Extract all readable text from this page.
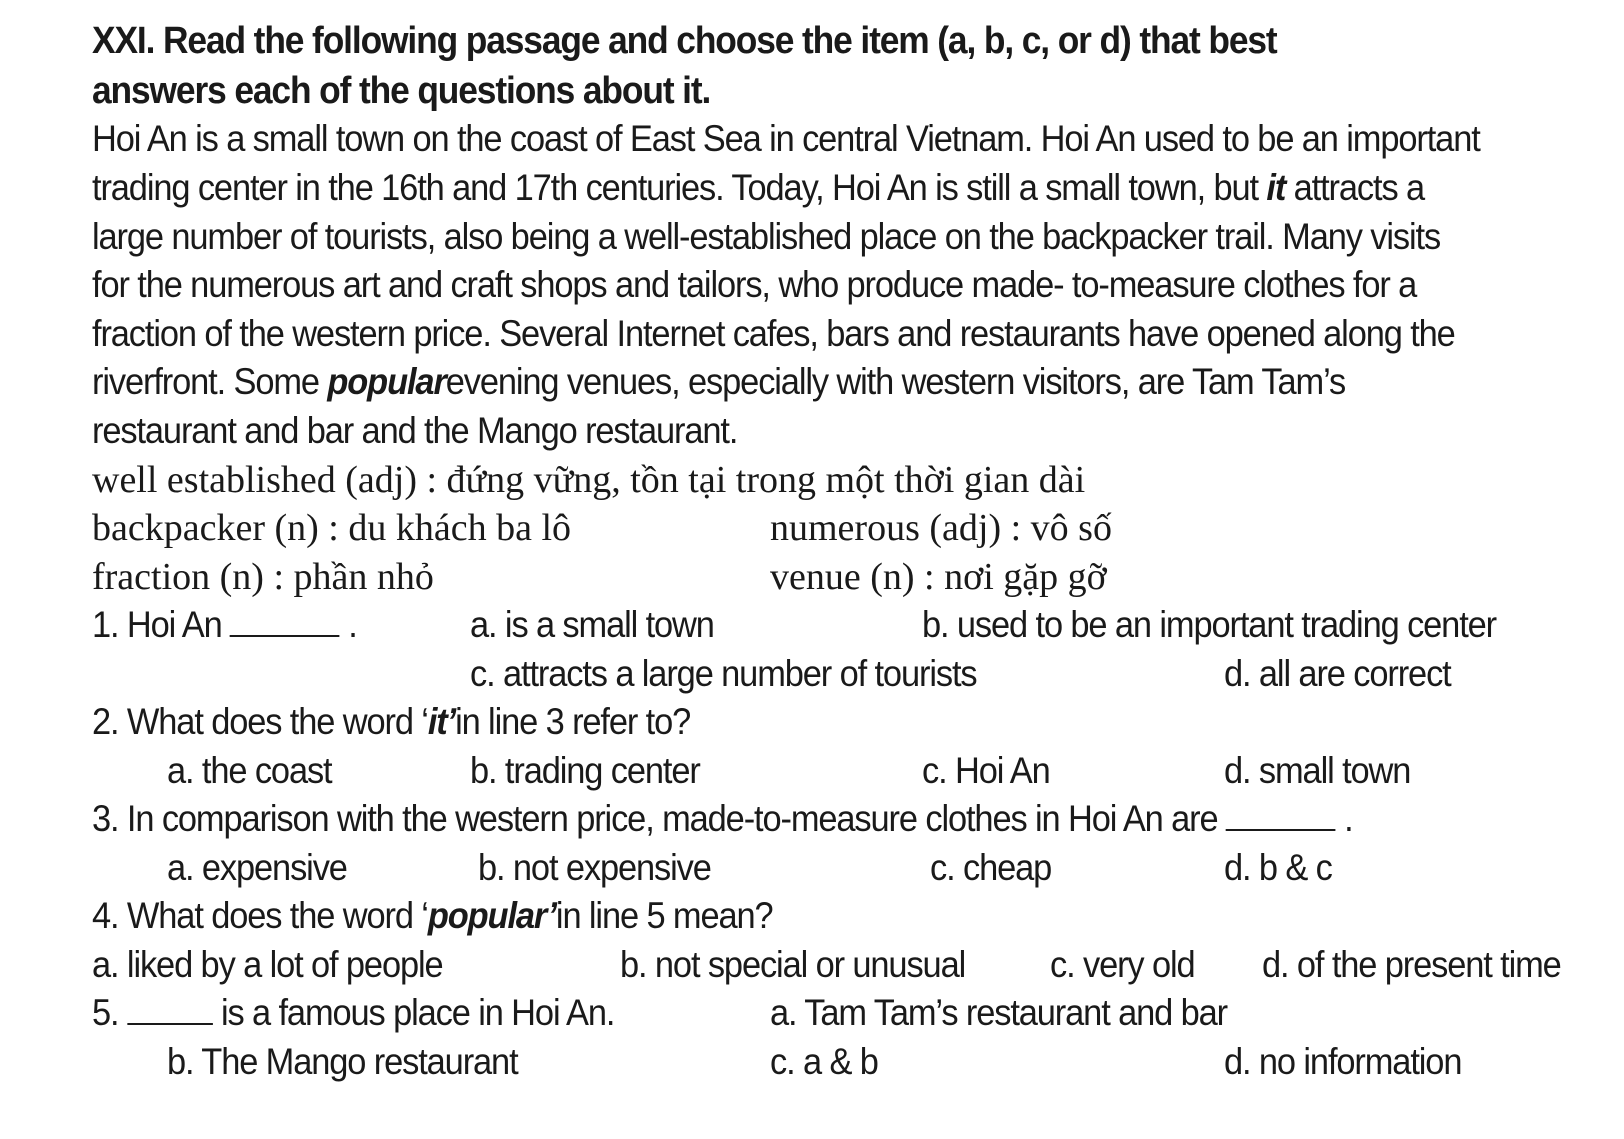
XXI. Read the following passage and choose the item (a, b, c, or d) that best
answers each of the questions about it.
Hoi An is a small town on the coast of East Sea in central Vietnam. Hoi An used to be an important
trading center in the 16th and 17th centuries. Today, Hoi An is still a small town, but it attracts a
large number of tourists, also being a well-established place on the backpacker trail. Many visits
for the numerous art and craft shops and tailors, who produce made- to-measure clothes for a
fraction of the western price. Several Internet cafes, bars and restaurants have opened along the
riverfront. Some popularevening venues, especially with western visitors, are Tam Tam’s
restaurant and bar and the Mango restaurant.
well established (adj) : đứng vững, tồn tại trong một thời gian dài
backpacker (n) : du khách ba lô	numerous (adj) : vô số
fraction (n) : phần nhỏ	venue (n) : nơi gặp gỡ
1. Hoi An	.	a. is a small town	b. used to be an important trading center
c. attracts a large number of tourists	d. all are correct
2. What does the word ‘it’in line 3 refer to?
a. the coast	b. trading center	c. Hoi An	d. small town
3. In comparison with the western price, made-to-measure clothes in Hoi An are	.
a. expensive	b. not expensive	c. cheap	d. b & c
4. What does the word ‘popular’in line 5 mean?
a. liked by a lot of people	b. not special or unusual c. very old d. of the present time
5.	is a famous place in Hoi An.	a. Tam Tam’s restaurant and bar
b. The Mango restaurant	c. a & b	d. no information
